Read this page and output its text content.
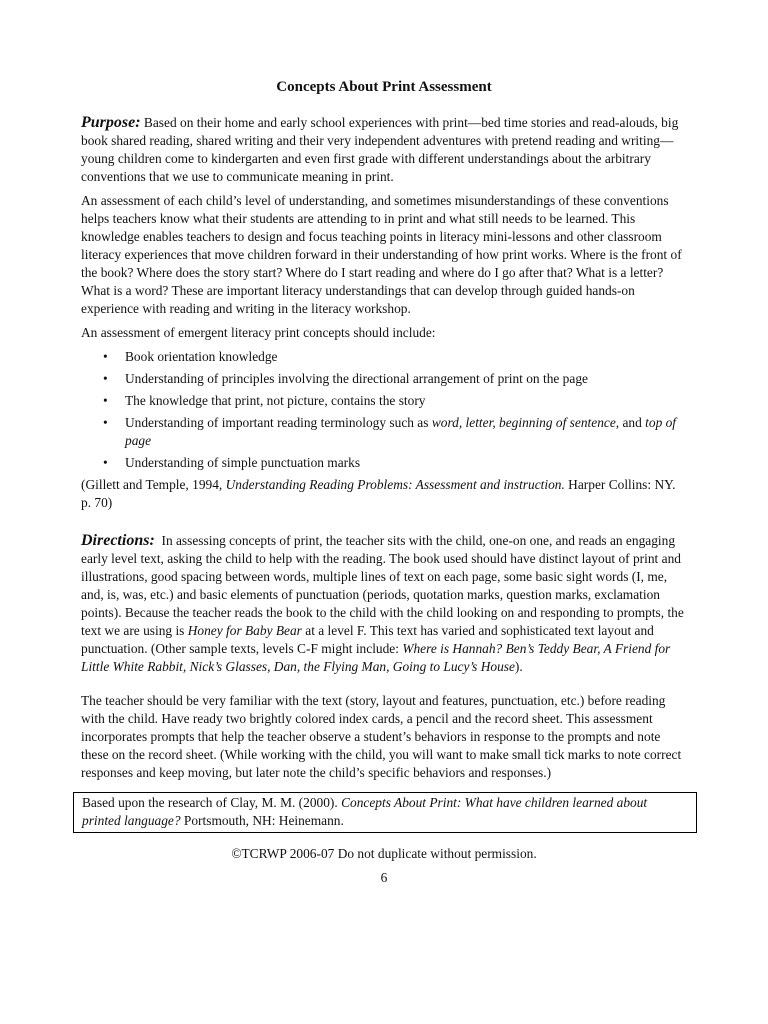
Concepts About Print Assessment

Purpose: Based on their home and early school experiences with print—bed time stories and read-alouds, big book shared reading, shared writing and their very independent adventures with pretend reading and writing—young children come to kindergarten and even first grade with different understandings about the arbitrary conventions that we use to communicate meaning in print.

An assessment of each child’s level of understanding, and sometimes misunderstandings of these conventions helps teachers know what their students are attending to in print and what still needs to be learned. This knowledge enables teachers to design and focus teaching points in literacy mini-lessons and other classroom literacy experiences that move children forward in their understanding of how print works. Where is the front of the book? Where does the story start? Where do I start reading and where do I go after that? What is a letter? What is a word? These are important literacy understandings that can develop through guided hands-on experience with reading and writing in the literacy workshop.

An assessment of emergent literacy print concepts should include:

• Book orientation knowledge
• Understanding of principles involving the directional arrangement of print on the page
• The knowledge that print, not picture, contains the story
• Understanding of important reading terminology such as word, letter, beginning of sentence, and top of page
• Understanding of simple punctuation marks

(Gillett and Temple, 1994, Understanding Reading Problems: Assessment and instruction. Harper Collins: NY. p. 70)

Directions: In assessing concepts of print, the teacher sits with the child, one-on one, and reads an engaging early level text, asking the child to help with the reading. The book used should have distinct layout of print and illustrations, good spacing between words, multiple lines of text on each page, some basic sight words (I, me, and, is, was, etc.) and basic elements of punctuation (periods, quotation marks, question marks, exclamation points). Because the teacher reads the book to the child with the child looking on and responding to prompts, the text we are using is Honey for Baby Bear at a level F. This text has varied and sophisticated text layout and punctuation. (Other sample texts, levels C-F might include: Where is Hannah? Ben’s Teddy Bear, A Friend for Little White Rabbit, Nick’s Glasses, Dan, the Flying Man, Going to Lucy’s House).

The teacher should be very familiar with the text (story, layout and features, punctuation, etc.) before reading with the child. Have ready two brightly colored index cards, a pencil and the record sheet. This assessment incorporates prompts that help the teacher observe a student’s behaviors in response to the prompts and note these on the record sheet. (While working with the child, you will want to make small tick marks to note correct responses and keep moving, but later note the child’s specific behaviors and responses.)

Based upon the research of Clay, M. M. (2000). Concepts About Print: What have children learned about printed language? Portsmouth, NH: Heinemann.
©TCRWP 2006-07 Do not duplicate without permission.
6
